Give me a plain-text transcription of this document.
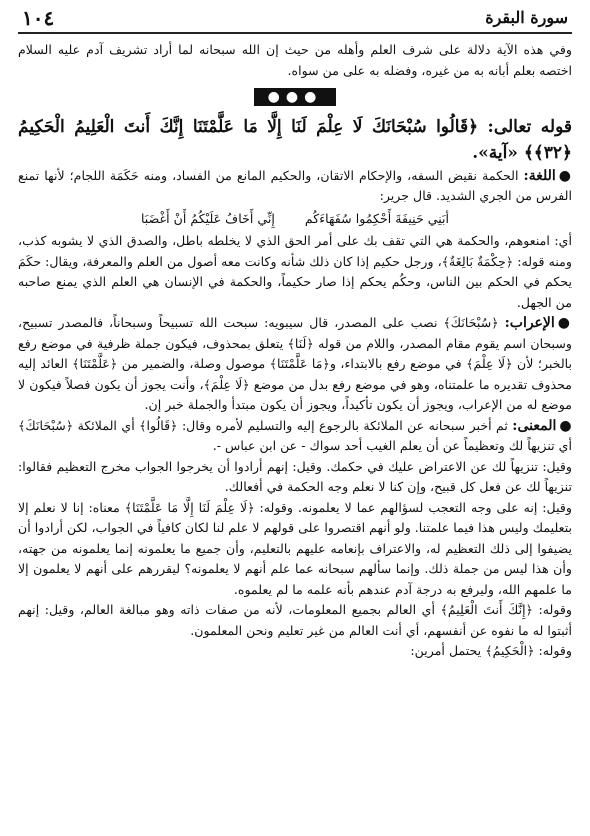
سورة البقرة
١٠٤

وفي هذه الآية دلالة على شرف العلم وأهله من حيث إن الله سبحانه لما أراد تشريف آدم عليه السلام اختصه بعلم أبانه به من غيره، وفضله به على من سواه.

●●●

قوله تعالى: ﴿قَالُوا سُبْحَانَكَ لَا عِلْمَ لَنَا إِلَّا مَا عَلَّمْتَنَا إِنَّكَ أَنتَ الْعَلِيمُ الْحَكِيمُ ﴿٣٢﴾﴾ «آية».

●اللغة: الحكمة نقيض السفه، والإحكام الاتقان، والحكيم المانع من الفساد، ومنه حَكَمَة اللجام؛ لأنها تمنع الفرس من الجري الشديد. قال جرير:

أبَنِي حَنِيفَةَ أَحْكِمُوا سُفَهَاءَكُم
إِنِّي أَخَافُ عَلَيْكُمُ أَنْ أَغْضَبَا

أي: امنعوهم، والحكمة هي التي تقف بك على أمر الحق الذي لا يخلطه باطل، والصدق الذي لا يشوبه كذب، ومنه قوله: ﴿حِكْمَةٌ بَالِغَةٌ﴾، ورجل حكيم إذا كان ذلك شأنه وكانت معه أصول من العلم والمعرفة، ويقال: حكَمَ يحكم في الحكم بين الناس، وحكُم يحكم إذا صار حكيماً، والحكمة في الإنسان هي العلم الذي يمنع صاحبه من الجهل.

●الإعراب: ﴿سُبْحَانَكَ﴾ نصب على المصدر، قال سيبويه: سبحت الله تسبيحاً وسبحاناً، فالمصدر تسبيح، وسبحان اسم يقوم مقام المصدر، واللام من قوله ﴿لَنَا﴾ يتعلق بمحذوف، فيكون جملة ظرفية في موضع رفع بالخبر؛ لأن ﴿لَا عِلْمَ﴾ في موضع رفع بالابتداء، و﴿مَا عَلَّمْتَنَا﴾ موصول وصلة، والضمير من ﴿عَلَّمْتَنَا﴾ العائد إليه محذوف تقديره ما علمتناه، وهو في موضع رفع بدل من موضع ﴿لَا عِلْمَ﴾، وأنت يجوز أن يكون فصلاً فيكون لا موضع له من الإعراب، ويجوز أن يكون تأكيداً، ويجوز أن يكون مبتدأ والجملة خبر إن.

●المعنى: ثم أخبر سبحانه عن الملائكة بالرجوع إليه والتسليم لأمره وقال: ﴿قَالُوا﴾ أي الملائكة ﴿سُبْحَانَكَ﴾ أي تنزيهاً لك وتعظيماً عن أن يعلم الغيب أحد سواك - عن ابن عباس -.

وقيل: تنزيهاً لك عن الاعتراض عليك في حكمك. وقيل: إنهم أرادوا أن يخرجوا الجواب مخرج التعظيم فقالوا: تنزيهاً لك عن فعل كل قبيح، وإن كنا لا نعلم وجه الحكمة في أفعالك.

وقيل: إنه على وجه التعجب لسؤالهم عما لا يعلمونه. وقوله: ﴿لَا عِلْمَ لَنَا إِلَّا مَا عَلَّمْتَنَا﴾ معناه: إنا لا نعلم إلا بتعليمك وليس هذا فيما علمتنا. ولو أنهم اقتصروا على قولهم لا علم لنا لكان كافياً في الجواب، لكن أرادوا أن يضيفوا إلى ذلك التعظيم له، والاعتراف بإنعامه عليهم بالتعليم، وأن جميع ما يعلمونه إنما يعلمونه من جهته، وأن هذا ليس من جملة ذلك. وإنما سألهم سبحانه عما علم أنهم لا يعلمونه؟ ليقررهم على أنهم لا يعلمون إلا ما علمهم الله، وليرفع به درجة آدم عندهم بأنه علمه ما لم يعلموه.

وقوله: ﴿إِنَّكَ أَنتَ الْعَلِيمُ﴾ أي العالم بجميع المعلومات، لأنه من صفات ذاته وهو مبالغة العالم، وقيل: إنهم أثبتوا له ما نفوه عن أنفسهم، أي أنت العالم من غير تعليم ونحن المعلمون.

وقوله: ﴿الْحَكِيمُ﴾ يحتمل أمرين:
